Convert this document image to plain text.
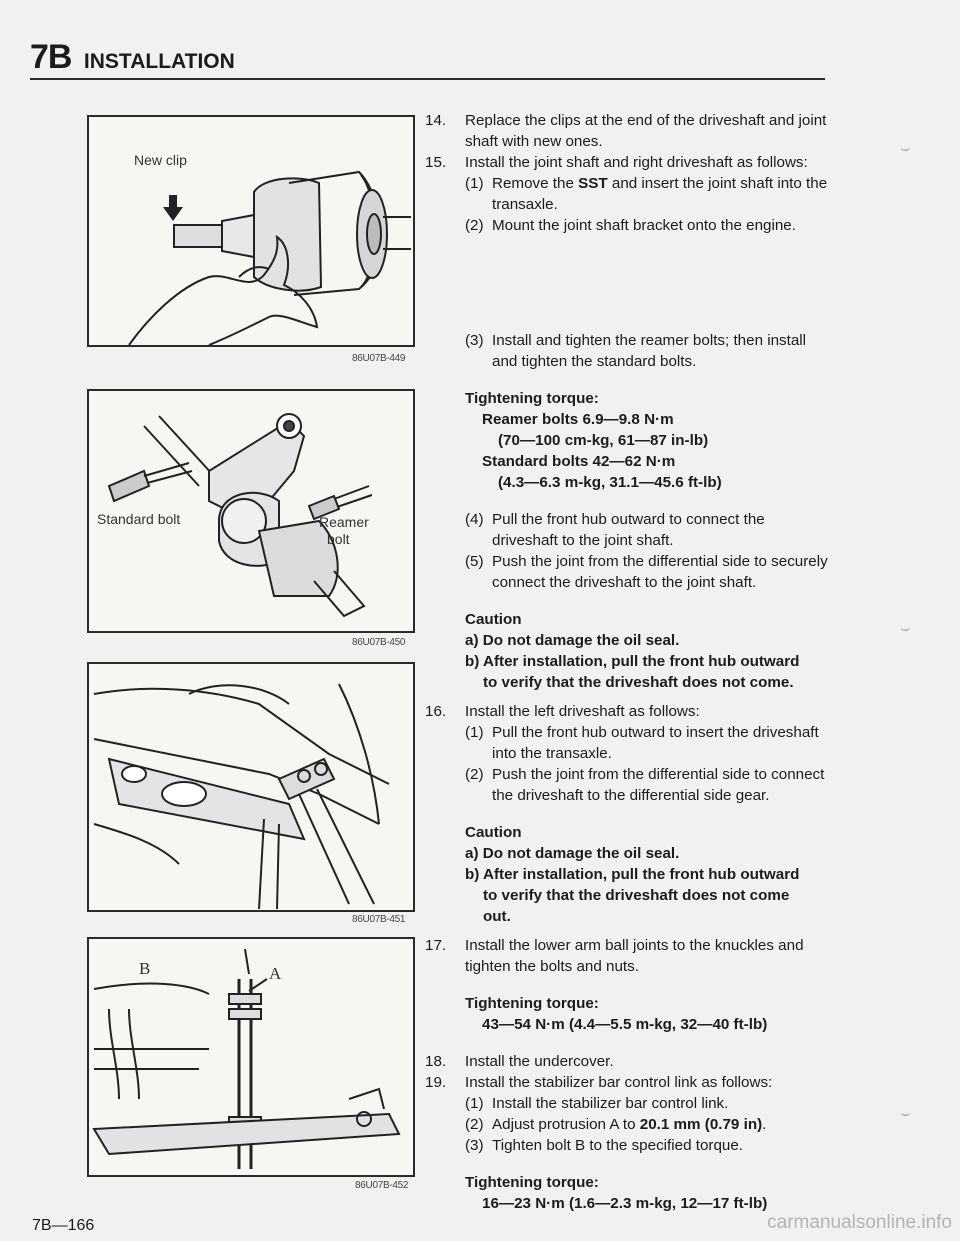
7B INSTALLATION
New clip
86U07B-449
Standard bolt	Reamer
bolt
86U07B-450
86U07B-451
B	A
86U07B-452
14. Replace the clips at the end of the driveshaft and joint shaft with new ones.
15. Install the joint shaft and right driveshaft as follows:
(1) Remove the SST and insert the joint shaft into the transaxle.
(2) Mount the joint shaft bracket onto the engine.
(3) Install and tighten the reamer bolts; then install and tighten the standard bolts.
Tightening torque:
Reamer bolts 6.9—9.8 N·m
(70—100 cm-kg, 61—87 in-lb)
Standard bolts 42—62 N·m
(4.3—6.3 m-kg, 31.1—45.6 ft-lb)
(4) Pull the front hub outward to connect the driveshaft to the joint shaft.
(5) Push the joint from the differential side to securely connect the driveshaft to the joint shaft.
Caution
a) Do not damage the oil seal.
b) After installation, pull the front hub outward
to verify that the driveshaft does not come.
16. Install the left driveshaft as follows:
(1) Pull the front hub outward to insert the driveshaft into the transaxle.
(2) Push the joint from the differential side to connect the driveshaft to the differential side gear.
Caution
a) Do not damage the oil seal.
b) After installation, pull the front hub outward
to verify that the driveshaft does not come
out.
17. Install the lower arm ball joints to the knuckles and tighten the bolts and nuts.
Tightening torque:
43—54 N·m (4.4—5.5 m-kg, 32—40 ft-lb)
18. Install the undercover.
19. Install the stabilizer bar control link as follows:
(1) Install the stabilizer bar control link.
(2) Adjust protrusion A to 20.1 mm (0.79 in).
(3) Tighten bolt B to the specified torque.
Tightening torque:
16—23 N·m (1.6—2.3 m-kg, 12—17 ft-lb)
⌣
⌣
⌣
7B—166	carmanualsonline.info
